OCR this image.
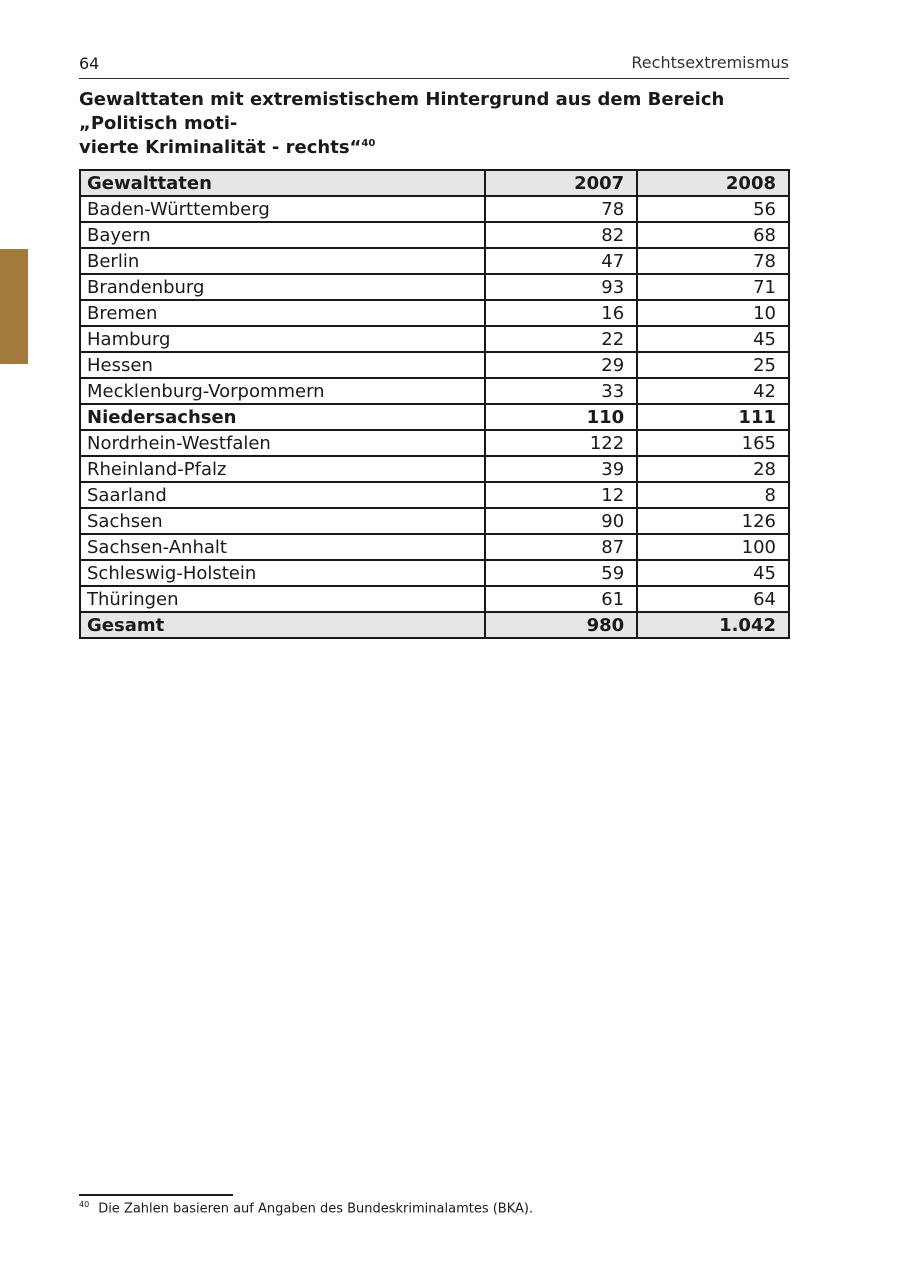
64	Rechtsextremismus
Gewalttaten mit extremistischem Hintergrund aus dem Bereich „Politisch moti-
vierte Kriminalität - rechts“$^{40}$
Gewalttaten	2007	2008
Baden-Württemberg	78	56
Bayern	82	68
Berlin	47	78
Brandenburg	93	71
Bremen	16	10
Hamburg	22	45
Hessen	29	25
Mecklenburg-Vorpommern	33	42
Niedersachsen	110	111
Nordrhein-Westfalen	122	165
Rheinland-Pfalz	39	28
Saarland	12	8
Sachsen	90	126
Sachsen-Anhalt	87	100
Schleswig-Holstein	59	45
Thüringen	61	64
Gesamt	980	1.042
$^{40}$ Die Zahlen basieren auf Angaben des Bundeskriminalamtes (BKA).
